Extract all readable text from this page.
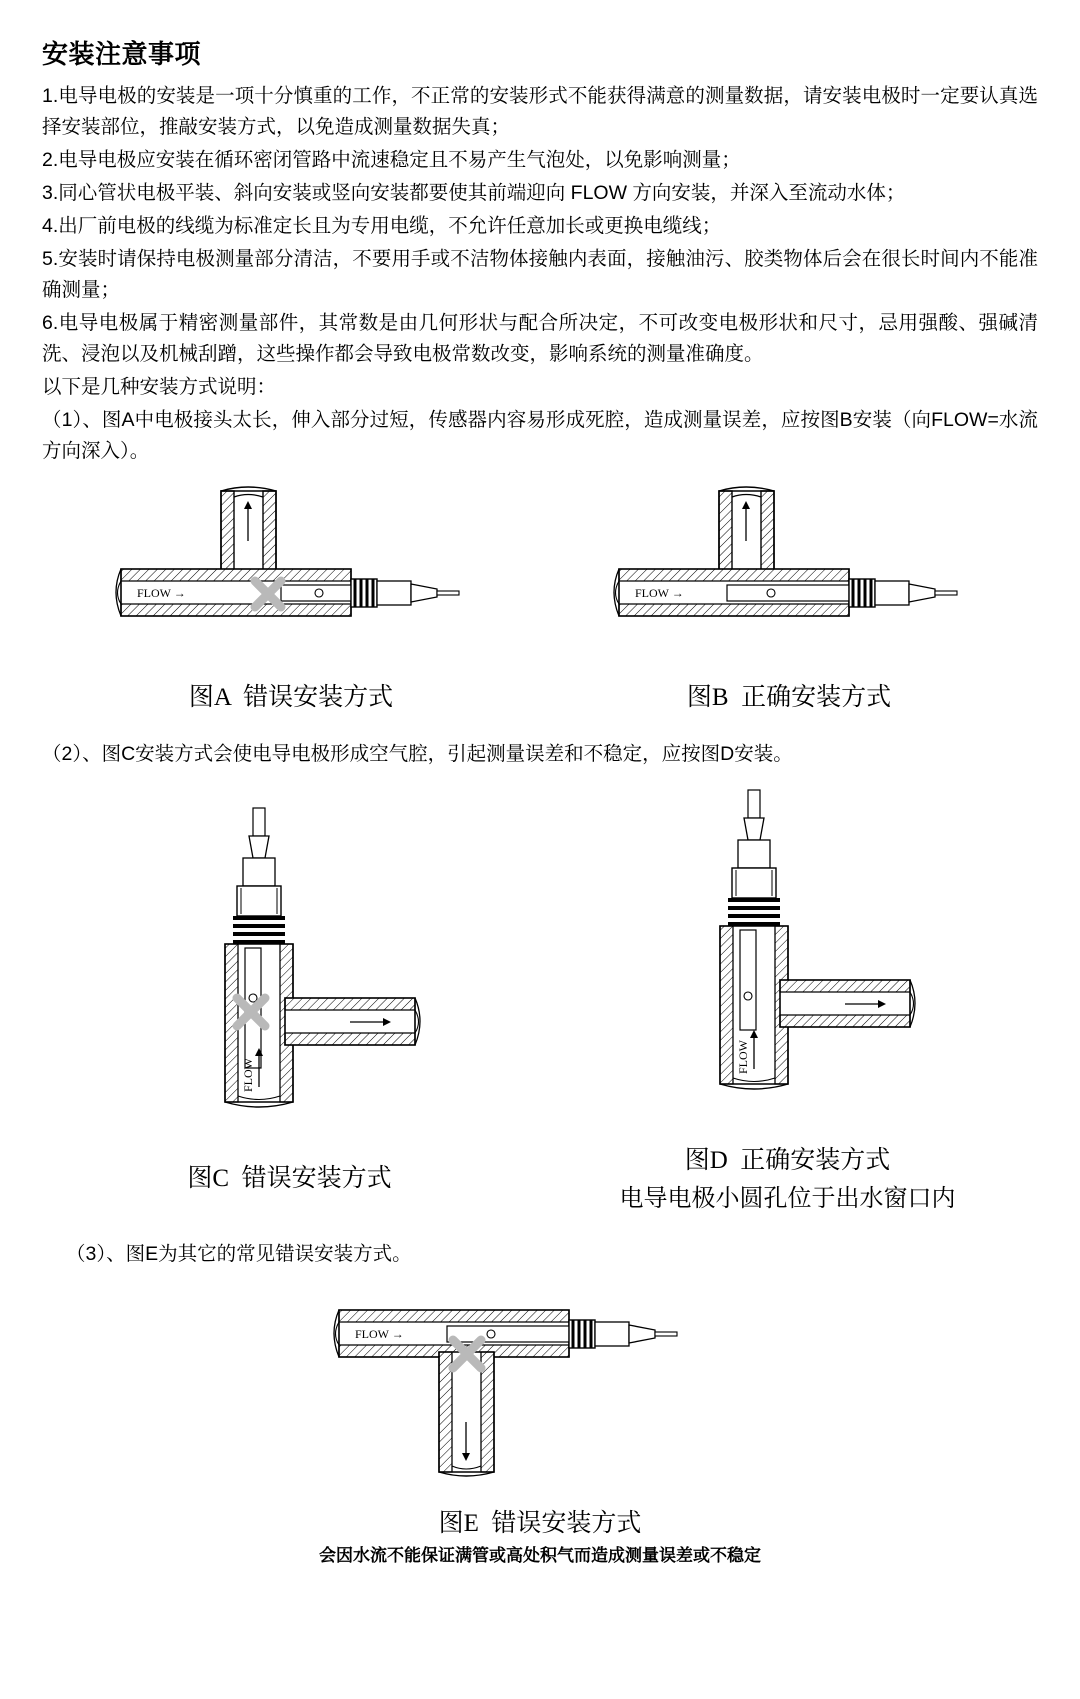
安装注意事项

1.电导电极的安装是一项十分慎重的工作，不正常的安装形式不能获得满意的测量数据，请安装电极时一定要认真选择安装部位，推敲安装方式，以免造成测量数据失真；

2.电导电极应安装在循环密闭管路中流速稳定且不易产生气泡处，以免影响测量；

3.同心管状电极平装、斜向安装或竖向安装都要使其前端迎向 FLOW 方向安装，并深入至流动水体；

4.出厂前电极的线缆为标准定长且为专用电缆，不允许任意加长或更换电缆线；

5.安装时请保持电极测量部分清洁，不要用手或不洁物体接触内表面，接触油污、胶类物体后会在很长时间内不能准确测量；

6.电导电极属于精密测量部件，其常数是由几何形状与配合所决定，不可改变电极形状和尺寸，忌用强酸、强碱清洗、浸泡以及机械刮蹭，这些操作都会导致电极常数改变，影响系统的测量准确度。

以下是几种安装方式说明：

（1）、图A中电极接头太长，伸入部分过短，传感器内容易形成死腔，造成测量误差，应按图B安装（向FLOW=水流方向深入）。

FLOW →
图A  错误安装方式
FLOW →
图B  正确安装方式

（2）、图C安装方式会使电导电极形成空气腔，引起测量误差和不稳定，应按图D安装。

FLOW
图C  错误安装方式
FLOW
图D  正确安装方式
电导电极小圆孔位于出水窗口内

（3）、图E为其它的常见错误安装方式。

FLOW →
图E  错误安装方式
会因水流不能保证满管或高处积气而造成测量误差或不稳定
